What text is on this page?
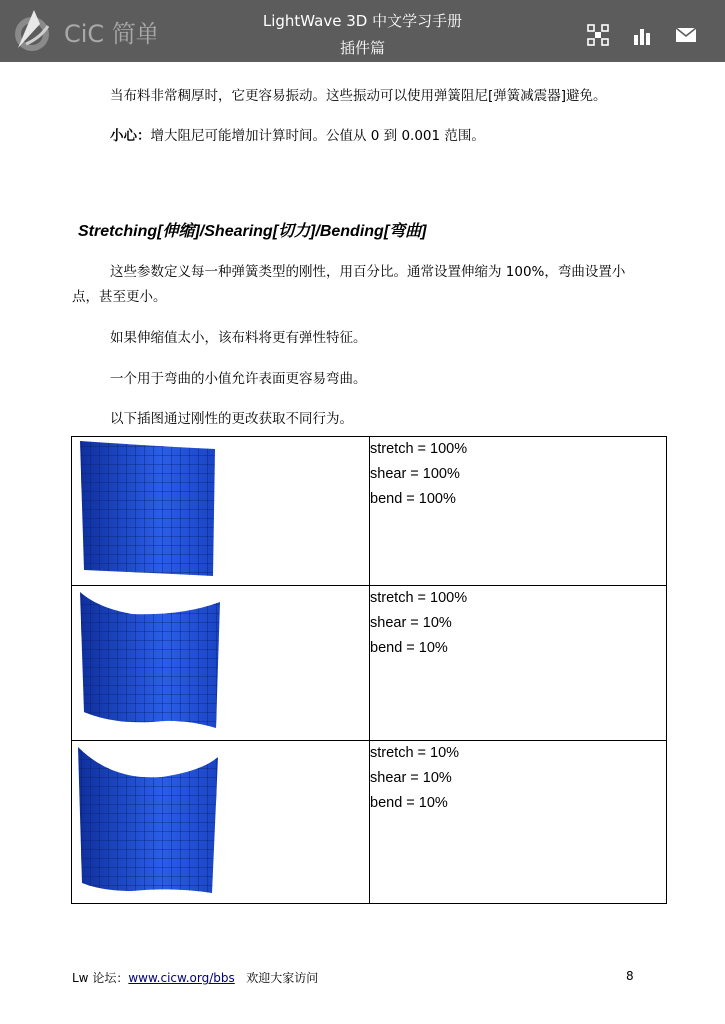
CiC 简单	LightWave 3D 中文学习手册
插件篇

当布料非常稠厚时，它更容易振动。这些振动可以使用弹簧阻尼[弹簧减震器]避免。

小心：增大阻尼可能增加计算时间。公值从 0 到 0.001 范围。

Stretching[伸缩]/Shearing[切力]/Bending[弯曲]

这些参数定义每一种弹簧类型的刚性，用百分比。通常设置伸缩为 100%，弯曲设置小

点，甚至更小。

如果伸缩值太小，该布料将更有弹性特征。

一个用于弯曲的小值允许表面更容易弯曲。

以下插图通过刚性的更改获取不同行为。

stretch = 100%
shear = 100%
bend = 100%

stretch = 100%
shear = 10%
bend = 10%

stretch = 10%
shear = 10%
bend = 10%
Lw 论坛：www.cicw.org/bbs 欢迎大家访问	8
